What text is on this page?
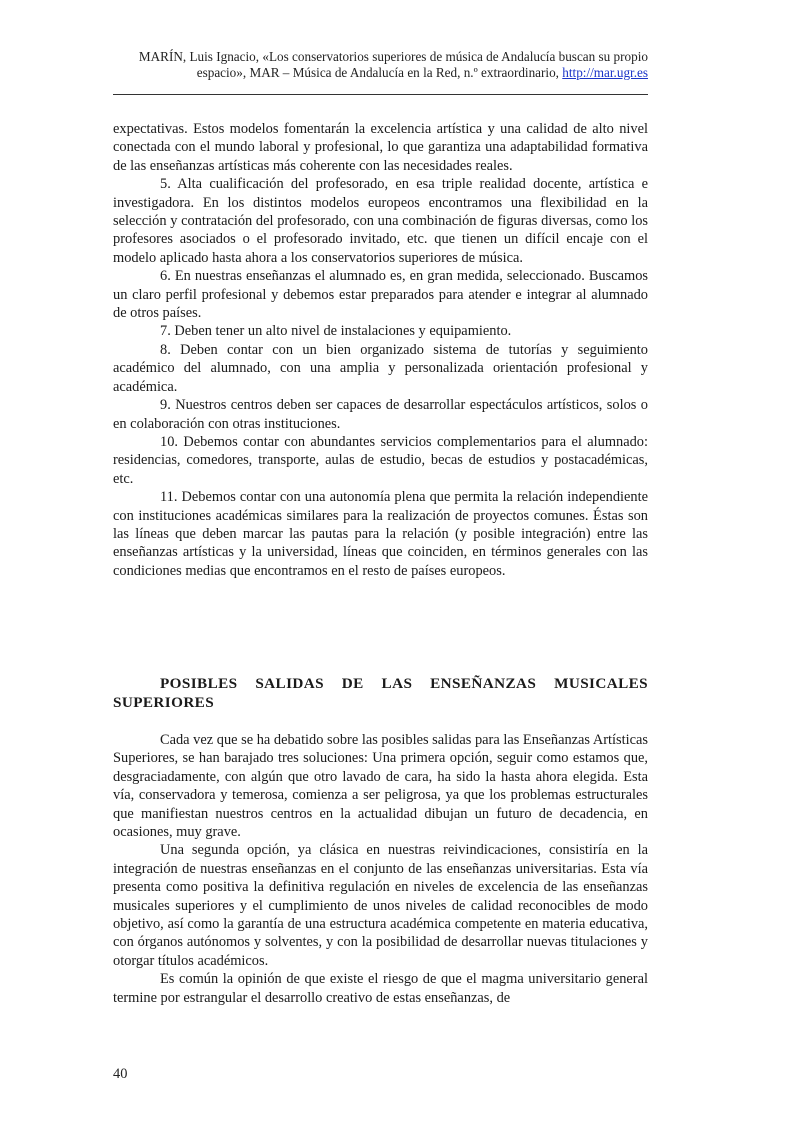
MARÍN, Luis Ignacio, «Los conservatorios superiores de música de Andalucía buscan su propio espacio», MAR – Música de Andalucía en la Red, n.º extraordinario, http://mar.ugr.es

expectativas. Estos modelos fomentarán la excelencia artística y una calidad de alto nivel conectada con el mundo laboral y profesional, lo que garantiza una adaptabilidad formativa de las enseñanzas artísticas más coherente con las necesidades reales.

5. Alta cualificación del profesorado, en esa triple realidad docente, artística e investigadora. En los distintos modelos europeos encontramos una flexibilidad en la selección y contratación del profesorado, con una combinación de figuras diversas, como los profesores asociados o el profesorado invitado, etc. que tienen un difícil encaje con el modelo aplicado hasta ahora a los conservatorios superiores de música.

6. En nuestras enseñanzas el alumnado es, en gran medida, seleccionado. Buscamos un claro perfil profesional y debemos estar preparados para atender e integrar al alumnado de otros países.

7. Deben tener un alto nivel de instalaciones y equipamiento.

8. Deben contar con un bien organizado sistema de tutorías y seguimiento académico del alumnado, con una amplia y personalizada orientación profesional y académica.

9. Nuestros centros deben ser capaces de desarrollar espectáculos artísticos, solos o en colaboración con otras instituciones.

10. Debemos contar con abundantes servicios complementarios para el alumnado: residencias, comedores, transporte, aulas de estudio, becas de estudios y postacadémicas, etc.

11. Debemos contar con una autonomía plena que permita la relación independiente con instituciones académicas similares para la realización de proyectos comunes. Éstas son las líneas que deben marcar las pautas para la relación (y posible integración) entre las enseñanzas artísticas y la universidad, líneas que coinciden, en términos generales con las condiciones medias que encontramos en el resto de países europeos.

POSIBLES SALIDAS DE LAS ENSEÑANZAS MUSICALES SUPERIORES

Cada vez que se ha debatido sobre las posibles salidas para las Enseñanzas Artísticas Superiores, se han barajado tres soluciones: Una primera opción, seguir como estamos que, desgraciadamente, con algún que otro lavado de cara, ha sido la hasta ahora elegida. Esta vía, conservadora y temerosa, comienza a ser peligrosa, ya que los problemas estructurales que manifiestan nuestros centros en la actualidad dibujan un futuro de decadencia, en ocasiones, muy grave.

Una segunda opción, ya clásica en nuestras reivindicaciones, consistiría en la integración de nuestras enseñanzas en el conjunto de las enseñanzas universitarias. Esta vía presenta como positiva la definitiva regulación en niveles de excelencia de las enseñanzas musicales superiores y el cumplimiento de unos niveles de calidad reconocibles de modo objetivo, así como la garantía de una estructura académica competente en materia educativa, con órganos autónomos y solventes, y con la posibilidad de desarrollar nuevas titulaciones y otorgar títulos académicos.

Es común la opinión de que existe el riesgo de que el magma universitario general termine por estrangular el desarrollo creativo de estas enseñanzas, de

40
